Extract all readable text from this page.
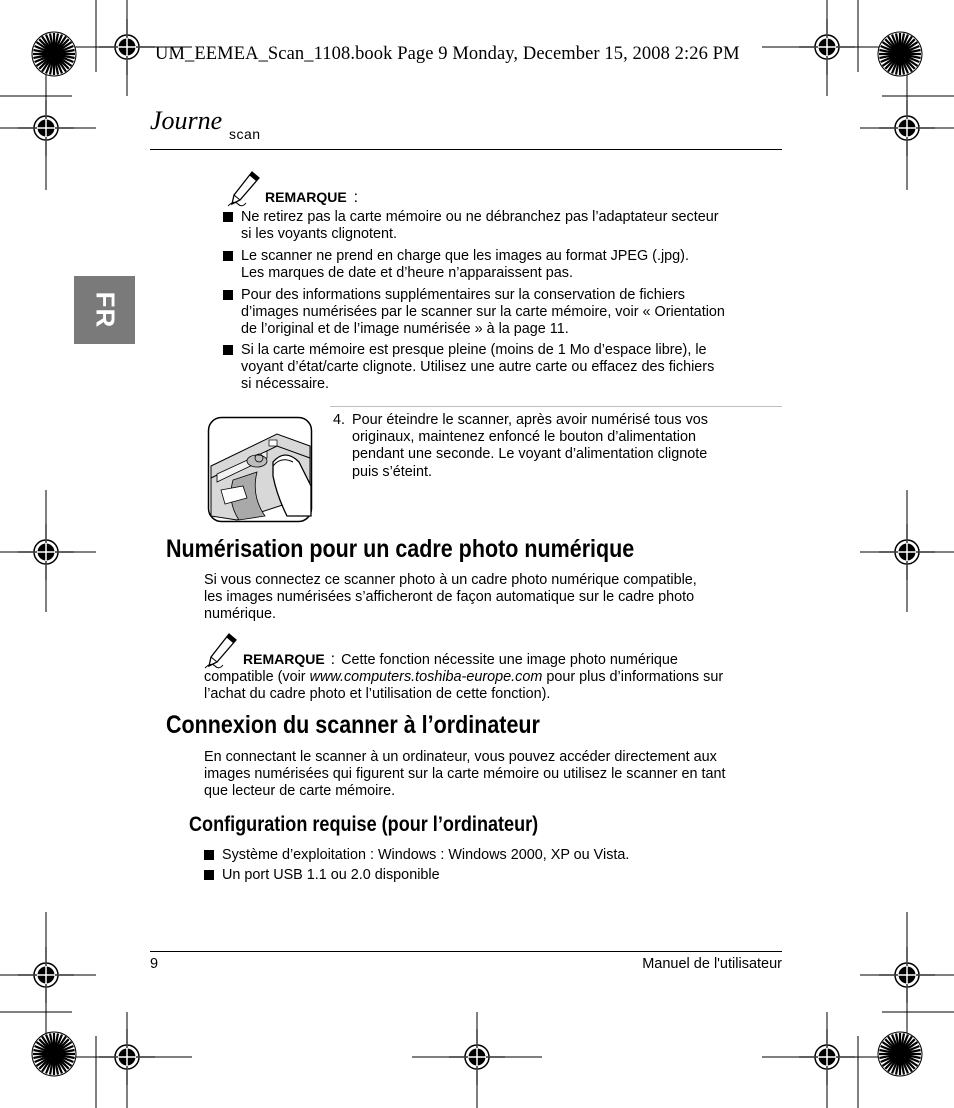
UM_EEMEA_Scan_1108.book Page 9 Monday, December 15, 2008 2:26 PM
Journe scan
FR
REMARQUE :
Ne retirez pas la carte mémoire ou ne débranchez pas l’adaptateur secteur
si les voyants clignotent.
Le scanner ne prend en charge que les images au format JPEG (.jpg).
Les marques de date et d’heure n’apparaissent pas.
Pour des informations supplémentaires sur la conservation de fichiers
d’images numérisées par le scanner sur la carte mémoire, voir « Orientation
de l’original et de l’image numérisée » à la page 11.
Si la carte mémoire est presque pleine (moins de 1 Mo d’espace libre), le
voyant d’état/carte clignote. Utilisez une autre carte ou effacez des fichiers
si nécessaire.
4. Pour éteindre le scanner, après avoir numérisé tous vos
originaux, maintenez enfoncé le bouton d’alimentation
pendant une seconde. Le voyant d’alimentation clignote
puis s’éteint.
Numérisation pour un cadre photo numérique
Si vous connectez ce scanner photo à un cadre photo numérique compatible,
les images numérisées s’afficheront de façon automatique sur le cadre photo
numérique.
REMARQUE : Cette fonction nécessite une image photo numérique
compatible (voir www.computers.toshiba-europe.com pour plus d’informations sur
l’achat du cadre photo et l’utilisation de cette fonction).
Connexion du scanner à l’ordinateur
En connectant le scanner à un ordinateur, vous pouvez accéder directement aux
images numérisées qui figurent sur la carte mémoire ou utilisez le scanner en tant
que lecteur de carte mémoire.
Configuration requise (pour l’ordinateur)
Système d’exploitation : Windows : Windows 2000, XP ou Vista.
Un port USB 1.1 ou 2.0 disponible
9	Manuel de l'utilisateur
